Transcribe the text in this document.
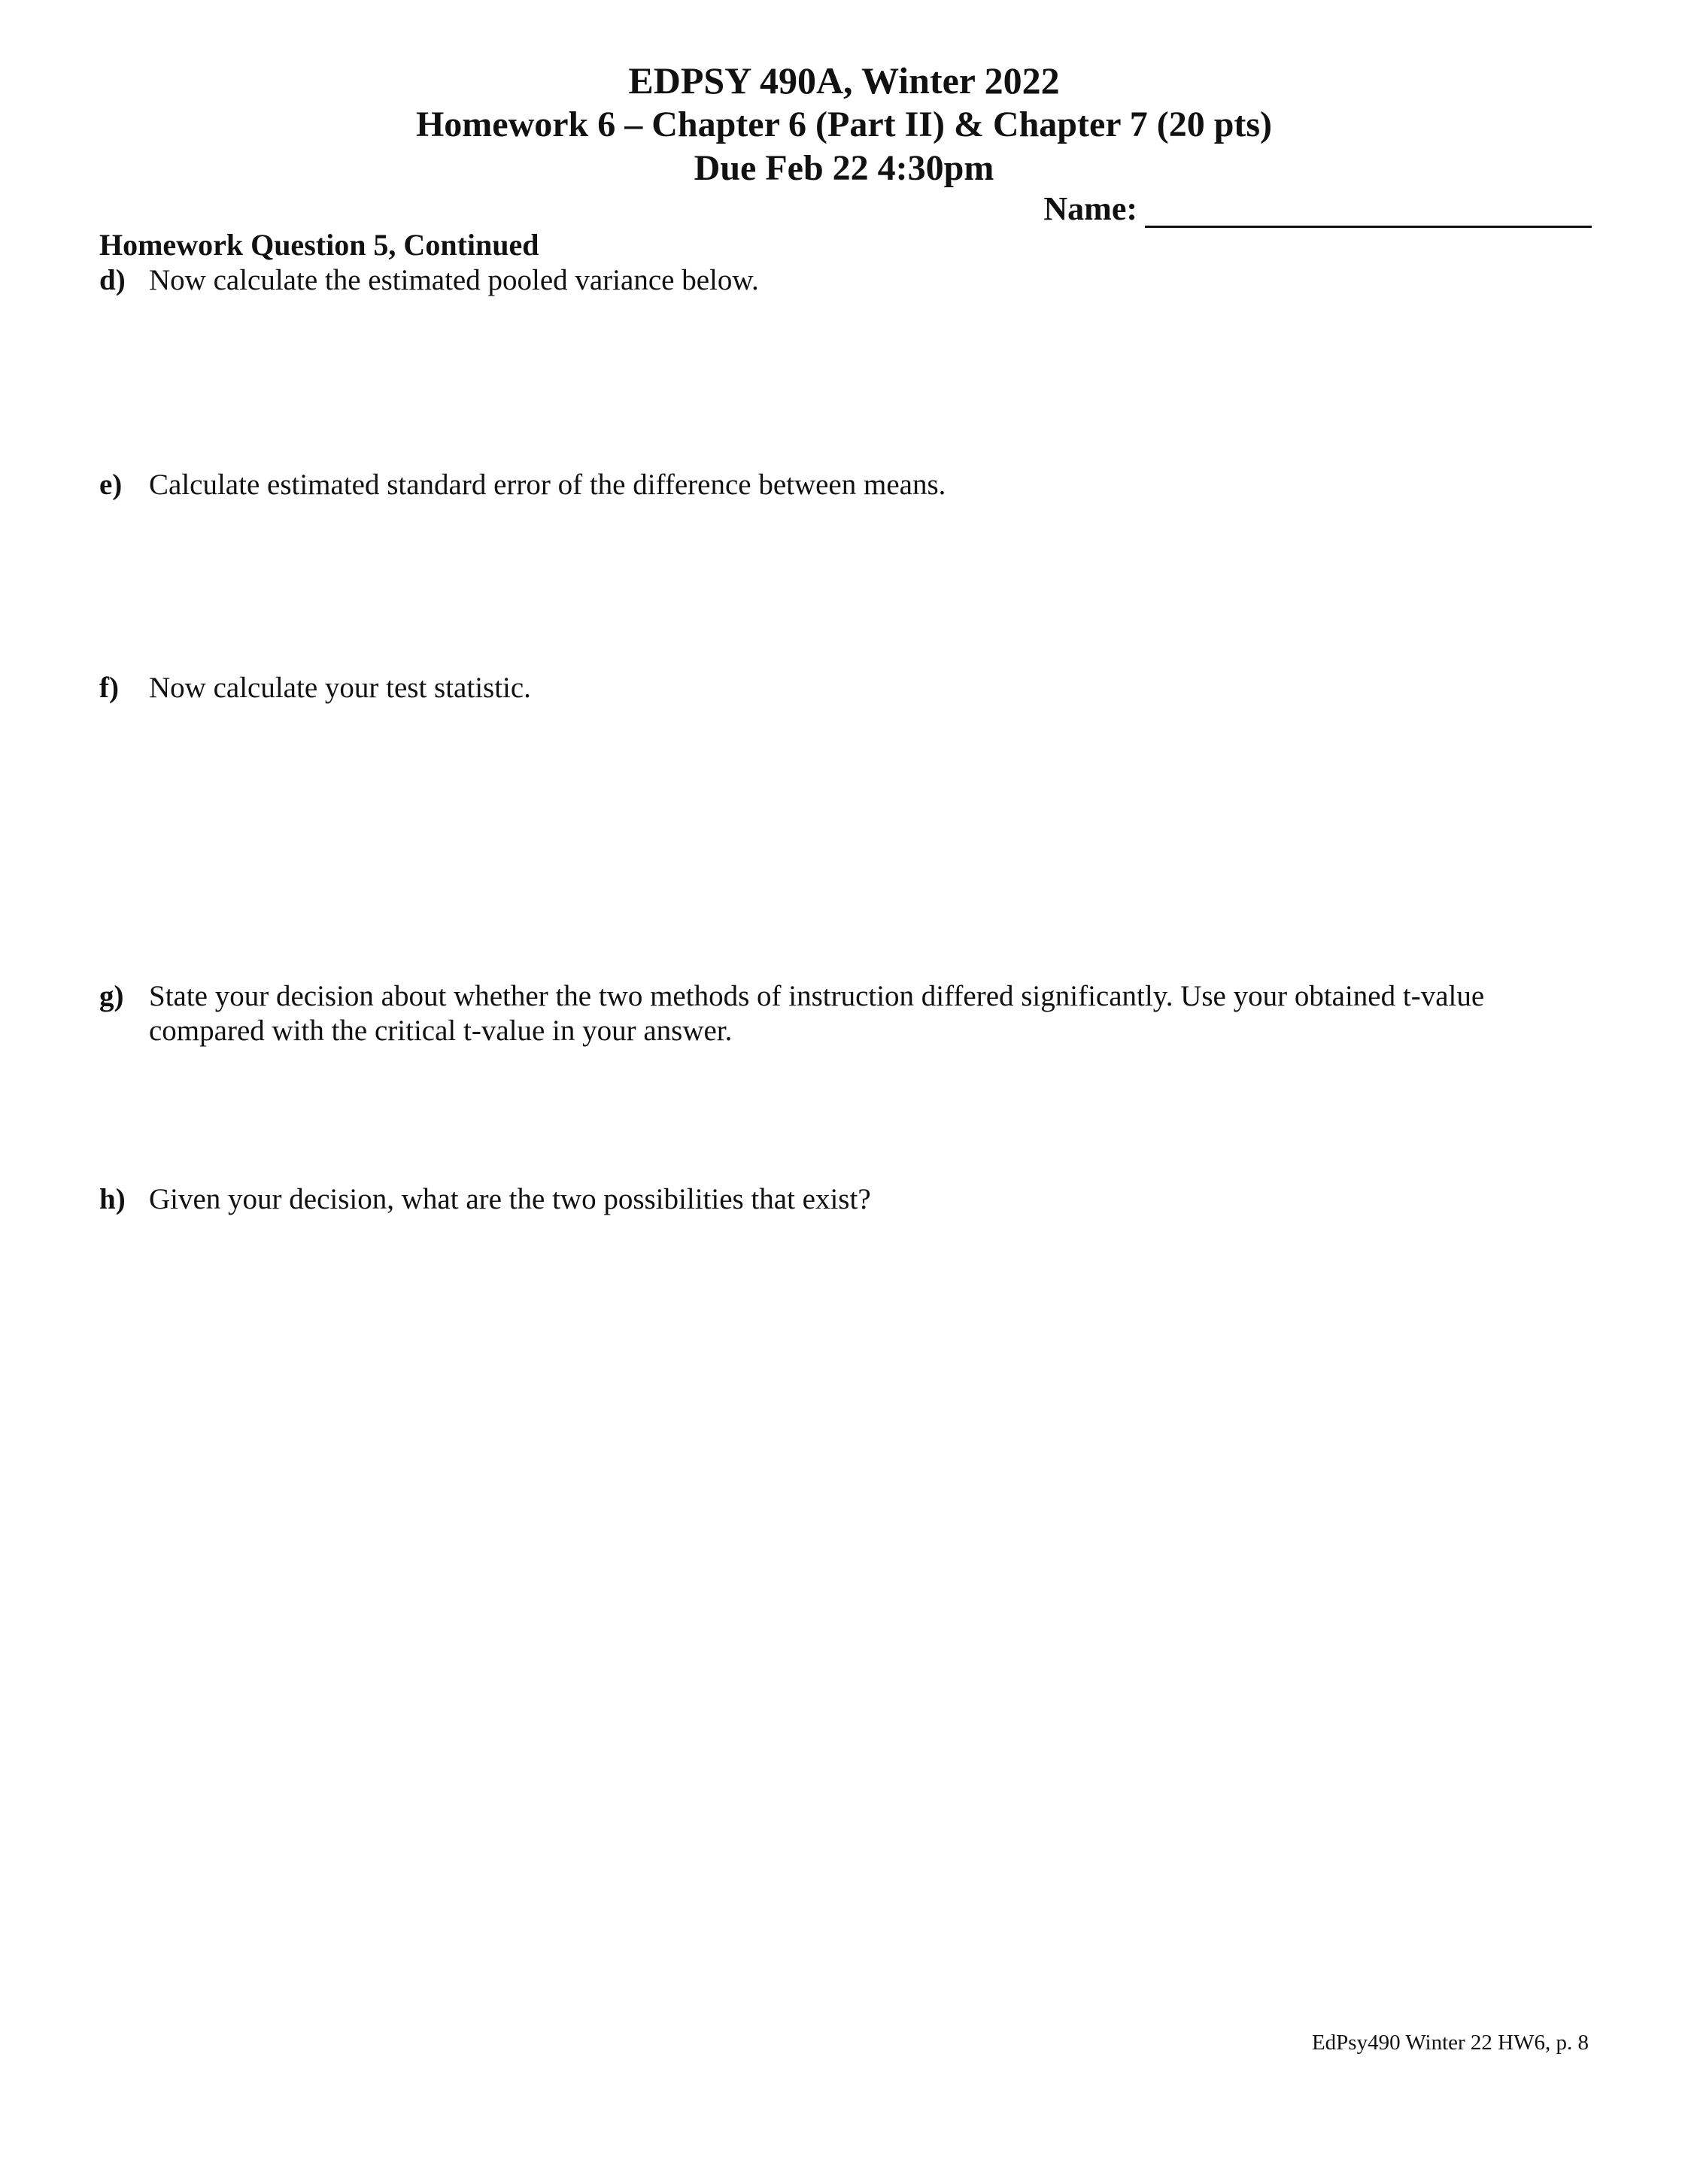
EDPSY 490A, Winter 2022
Homework 6 – Chapter 6 (Part II) & Chapter 7 (20 pts)
Due Feb 22 4:30pm
Name:
Homework Question 5, Continued
d) Now calculate the estimated pooled variance below.
e) Calculate estimated standard error of the difference between means.
f) Now calculate your test statistic.
g) State your decision about whether the two methods of instruction differed significantly. Use your obtained t-value compared with the critical t-value in your answer.
h) Given your decision, what are the two possibilities that exist?
EdPsy490 Winter 22 HW6, p. 8
